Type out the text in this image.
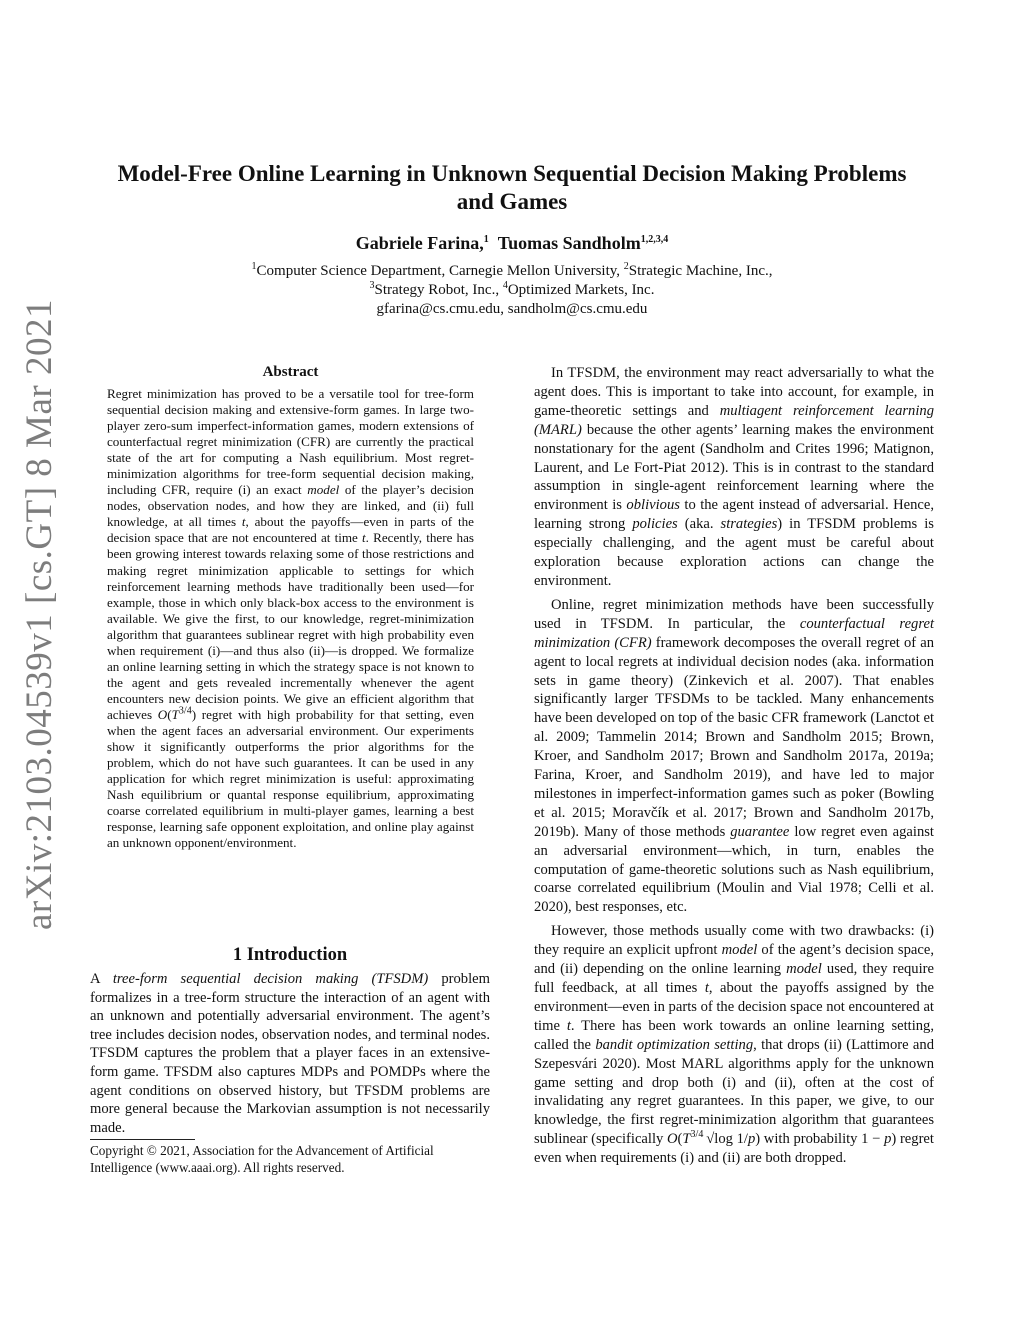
arXiv:2103.04539v1 [cs.GT] 8 Mar 2021
Model-Free Online Learning in Unknown Sequential Decision Making Problems
and Games
Gabriele Farina,$^1$ Tuomas Sandholm$^{1,2,3,4}$
$^1$Computer Science Department, Carnegie Mellon University, $^2$Strategic Machine, Inc.,
$^3$Strategy Robot, Inc., $^4$Optimized Markets, Inc.
gfarina@cs.cmu.edu, sandholm@cs.cmu.edu
Abstract

Regret minimization has proved to be a versatile tool for tree-form sequential decision making and extensive-form games. In large two-player zero-sum imperfect-information games, modern extensions of counterfactual regret minimization (CFR) are currently the practical state of the art for computing a Nash equilibrium. Most regret-minimization algorithms for tree-form sequential decision making, including CFR, require (i) an exact model of the player’s decision nodes, observation nodes, and how they are linked, and (ii) full knowledge, at all times t, about the payoffs—even in parts of the decision space that are not encountered at time t. Recently, there has been growing interest towards relaxing some of those restrictions and making regret minimization applicable to settings for which reinforcement learning methods have traditionally been used—for example, those in which only black-box access to the environment is available. We give the first, to our knowledge, regret-minimization algorithm that guarantees sublinear regret with high probability even when requirement (i)—and thus also (ii)—is dropped. We formalize an online learning setting in which the strategy space is not known to the agent and gets revealed incrementally whenever the agent encounters new decision points. We give an efficient algorithm that achieves $O(T^{3/4})$ regret with high probability for that setting, even when the agent faces an adversarial environment. Our experiments show it significantly outperforms the prior algorithms for the problem, which do not have such guarantees. It can be used in any application for which regret minimization is useful: approximating Nash equilibrium or quantal response equilibrium, approximating coarse correlated equilibrium in multi-player games, learning a best response, learning safe opponent exploitation, and online play against an unknown opponent/environment.

1 Introduction

A tree-form sequential decision making (TFSDM) problem formalizes in a tree-form structure the interaction of an agent with an unknown and potentially adversarial environment. The agent’s tree includes decision nodes, observation nodes, and terminal nodes. TFSDM captures the problem that a player faces in an extensive-form game. TFSDM also captures MDPs and POMDPs where the agent conditions on observed history, but TFSDM problems are more general because the Markovian assumption is not necessarily made.

Copyright © 2021, Association for the Advancement of Artificial Intelligence (www.aaai.org). All rights reserved.

In TFSDM, the environment may react adversarially to what the agent does. This is important to take into account, for example, in game-theoretic settings and multiagent reinforcement learning (MARL) because the other agents’ learning makes the environment nonstationary for the agent (Sandholm and Crites 1996; Matignon, Laurent, and Le Fort-Piat 2012). This is in contrast to the standard assumption in single-agent reinforcement learning where the environment is oblivious to the agent instead of adversarial. Hence, learning strong policies (aka. strategies) in TFSDM problems is especially challenging, and the agent must be careful about exploration because exploration actions can change the environment.

Online, regret minimization methods have been successfully used in TFSDM. In particular, the counterfactual regret minimization (CFR) framework decomposes the overall regret of an agent to local regrets at individual decision nodes (aka. information sets in game theory) (Zinkevich et al. 2007). That enables significantly larger TFSDMs to be tackled. Many enhancements have been developed on top of the basic CFR framework (Lanctot et al. 2009; Tammelin 2014; Brown and Sandholm 2015; Brown, Kroer, and Sandholm 2017; Brown and Sandholm 2017a, 2019a; Farina, Kroer, and Sandholm 2019), and have led to major milestones in imperfect-information games such as poker (Bowling et al. 2015; Moravčík et al. 2017; Brown and Sandholm 2017b, 2019b). Many of those methods guarantee low regret even against an adversarial environment—which, in turn, enables the computation of game-theoretic solutions such as Nash equilibrium, coarse correlated equilibrium (Moulin and Vial 1978; Celli et al. 2020), best responses, etc.

However, those methods usually come with two drawbacks: (i) they require an explicit upfront model of the agent’s decision space, and (ii) depending on the online learning model used, they require full feedback, at all times t, about the payoffs assigned by the environment—even in parts of the decision space not encountered at time t. There has been work towards an online learning setting, called the bandit optimization setting, that drops (ii) (Lattimore and Szepesvári 2020). Most MARL algorithms apply for the unknown game setting and drop both (i) and (ii), often at the cost of invalidating any regret guarantees. In this paper, we give, to our knowledge, the first regret-minimization algorithm that guarantees sublinear (specifically $O(T^{3/4}$ √log 1/p) with probability 1 − p) regret even when requirements (i) and (ii) are both dropped.
